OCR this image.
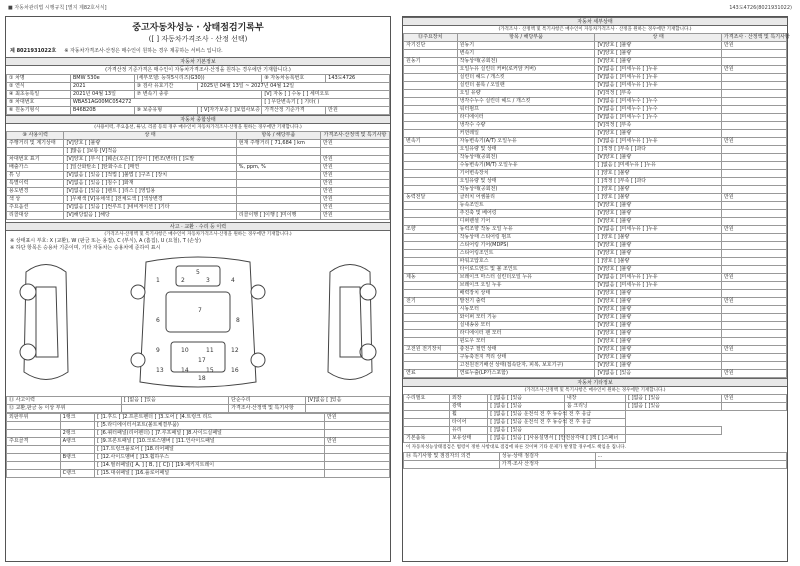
■ 자동차관리법 시행규칙 [별지 제82호서식]	143도4726(8021931022)
중고자동차성능 · 상태점검기록부
([ ] 자동차가격조사 · 산정 선택)
제 8021931022호 ※ 자동차가격조사·산정은 매수인이 원하는 경우 제공하는 서비스 입니다.
자동차 기본정보
(가격산정 기준가격은 매수인이 자동차가격조사·산정을 원하는 경우에만 기재합니다.)
① 차명	BMW 530e	(세부모델: 등허5시리즈(G30))		⑧ 자동차등록번호	143도4726
② 연식	2021	③ 검사 유효기간	2025년 04월 13일 ~ 2027년 04월 12일		
④ 최초등록일	2021년 04월 13일	⑦ 변속기 종류		[V] 자동 [ ] 수동 [ ] 세미오토	
⑤ 차대번호	WBA51AG00MC054272			[ ] 무단변속기 [ ] 기타( )	
⑥ 원동기형식	B46B20B	⑨ 보증유형	[ V]자가보증 [ ]보험사보증	가격산정 기준가격	만원
자동차 종합상태
(사용이력, 주요옵션, 튜닝, 리콜 등의 경우 매수인이 자동차가격조사·산정을 원하는 경우에만 기재합니다.)
⑩ 사용이력	상 태	항목 / 해당부품	가격조사·산정액 및 특기사항
주행거리 및 계기상태	[V]양호 [ ]불량	현재 주행거리 [ 71,684 ] km	만원
	[ ]많음 [ ]보통 [V]적음		
차대번호 표기	[V]양호 [ ]부식 [ ]훼손(오손) [ ]상이 [ ]변조(변타) [ ]도말		만원
배출가스	[ ]일산화탄소 [ ]탄화수소 [ ]매연	%, ppm, %	만원
튜 닝	[V]없음 [ ]있음 [ ]적법 [ ]불법 [ ]구조 [ ]장치		만원
특별이력	[V]없음 [ ]있음 [ ]침수 [ ]화재		만원
용도변경	[V]없음 [ ]있음 [ ]렌트 [ ]리스 [ ]영업용		만원
색 상	[ ]무채색 [V]유채색 [ ]전체도색 [ ]색상변경		만원
주요옵션	[V]없음 [ ]있음 [ ]썬루프 [ ]네비게이션 [ ]기타		만원
리콜대상	[V]해당없음 [ ]해당	리콜이행 [ ]이행 [ ]미이행	만원
사고 · 교환 · 수리 등 이력
(가격조사·산정액 및 특기사항은 매수인이 자동차가격조사·산정을 원하는 경우에만 기재합니다.)
※ 상태표시 부호: X (교환), W (판금 또는 용접), C (부식), A (흠집), U (요철), T (손상)
※ 하단 항목은 승용차 기준이며, 기타 자동차는 승용차에 준하여 표시
1	2	3	4
5
6
7
8
9	10	11	12
13	14	15	16
17
18
⑪ 사고이력	[ ]없음 [ ]있음	단순수리	[V]없음 [ ]있음
⑫ 교환,판금 등 이상 부위		가격조사·산정액 및 특기사항	
외판부위	1랭크	[ ]1.후드 [ ]2.프론트펜더 [ ]3.도어 [ ]4.트렁크 리드	만원
		[ ]5.라디에이터서포트(볼트체결부품)	
	2랭크	[ ]6.쿼터패널(리어펜더) [ ]7.루프패널 [ ]8.사이드실패널	
주요골격	A랭크	[ ]9.프론트패널 [ ]10.크로스멤버 [ ]11.인사이드패널	만원
		[ ]17.트렁크플로어 [ ]18.리어패널	
	B랭크	[ ]12.사이드멤버 [ ]13.휠하우스	
		[ ]14.필러패널([ A, ] [ B, ] [ C]) [ ]19.패키지트레이	
	C랭크	[ ]15.대쉬패널 [ ]16.플로어패널	
자동차 세부상태
(가격조사 · 산정액 및 특기사항은 매수인이 자동차가격조사 · 산정을 원하는 경우에만 기재합니다.)
⑬주요장치	항목 / 해당부품	상 태	가격조사 · 산정액 및 특기사항
자기진단	원동기	[V]양호 [ ]불량	만원
	변속기	[V]양호 [ ]불량	
원동기	작동상태(공회전)	[V]양호 [ ]불량	
	오일누유 실린더 커버(로커암 커버)	[V]없음 [ ]미세누유 [ ]누유	만원
	실린더 헤드 / 개스킷	[V]없음 [ ]미세누유 [ ]누유	
	실린더 블록 / 오일팬	[V]없음 [ ]미세누유 [ ]누유	
	오일 유량	[V]적정 [ ]부족	
	냉각수누수 실린더 헤드 / 개스킷	[V]없음 [ ]미세누수 [ ]누수	
	워터펌프	[V]없음 [ ]미세누수 [ ]누수	
	라디에이터	[V]없음 [ ]미세누수 [ ]누수	
	냉각수 수량	[V]적정 [ ]부족	
	커먼레일	[V]양호 [ ]불량	
변속기	자동변속기(A/T) 오일누유	[V]없음 [ ]미세누유 [ ]누유	만원
	오일유량 및 상태	[ ]적정 [ ]부족 [ ]과다	
	작동상태(공회전)	[V]양호 [ ]불량	
	수동변속기(M/T) 오일누유	[ ]없음 [ ]미세누유 [ ]누유	
	기어변속장치	[ ]양호 [ ]불량	
	오일유량 및 상태	[ ]적정 [ ]부족 [ ]과다	
	작동상태(공회전)	[ ]양호 [ ]불량	
동력전달	클러치 어셈블리	[ ]양호 [ ]불량	만원
	등속조인트	[V]양호 [ ]불량	
	추진축 및 베어링	[V]양호 [ ]불량	
	디퍼렌셜 기어	[V]양호 [ ]불량	
조향	동력조향 작동 오일 누유	[V]없음 [ ]미세누유 [ ]누유	만원
	작동상태 스티어링 펌프	[ ]양호 [ ]불량	
	스티어링 기어(MDPS)	[V]양호 [ ]불량	
	스티어링조인트	[V]양호 [ ]불량	
	파워고압호스	[ ]양호 [ ]불량	
	타이로드엔드 및 볼 조인트	[V]양호 [ ]불량	
제동	브레이크 마스터 실린더오일 누유	[V]없음 [ ]미세누유 [ ]누유	만원
	브레이크 오일 누유	[V]없음 [ ]미세누유 [ ]누유	
	배력장치 상태	[V]양호 [ ]불량	
전기	발전기 출력	[V]양호 [ ]불량	만원
	시동모터	[V]양호 [ ]불량	
	와이퍼 모터 기능	[V]양호 [ ]불량	
	실내송풍 모터	[V]양호 [ ]불량	
	라디에이터 팬 모터	[V]양호 [ ]불량	
	윈도우 모터	[V]양호 [ ]불량	
고전원 전기장치	충전구 절연 상태	[V]양호 [ ]불량	만원
	구동축전지 격리 상태	[V]양호 [ ]불량	
	고전원전기배선 상태(접속단자, 피복, 보호기구)	[V]양호 [ ]불량	
연료	연료누출(LP가스포함)	[V]없음 [ ]있음	만원
자동차 기타정보
(가격조사·산정액 및 특기사항은 매수인이 원하는 경우에만 기재합니다.)
수리필요	외장	[ ]없음 [ ]있음	내장	[ ]없음 [ ]있음	만원
	광택	[ ]없음 [ ]있음	룸 크리닝	[ ]없음 [ ]있음	
	휠	[ ]없음 [ ]있음 운전석 전 후 동승석 전 후 응급			
	타이어	[ ]없음 [ ]있음 운전석 전 후 동승석 전 후 응급			
	유리	[ ]없음 [ ]있음			
기본품목	보유상태	[ ]없음 [ ]있음 [ ]사용설명서 [ ]안전삼각대 [ ]잭 [ ]스패너			
이 자동차성능상태점검은 법령이 정한 사항대로 점검에 따른 것이며 기타 문제가 발생할 경우에도 책임을 집니다.
⑭ 특기사항 및 점검자의 의견	성능·상태 점검자	...
	가격·조사 산정자	
